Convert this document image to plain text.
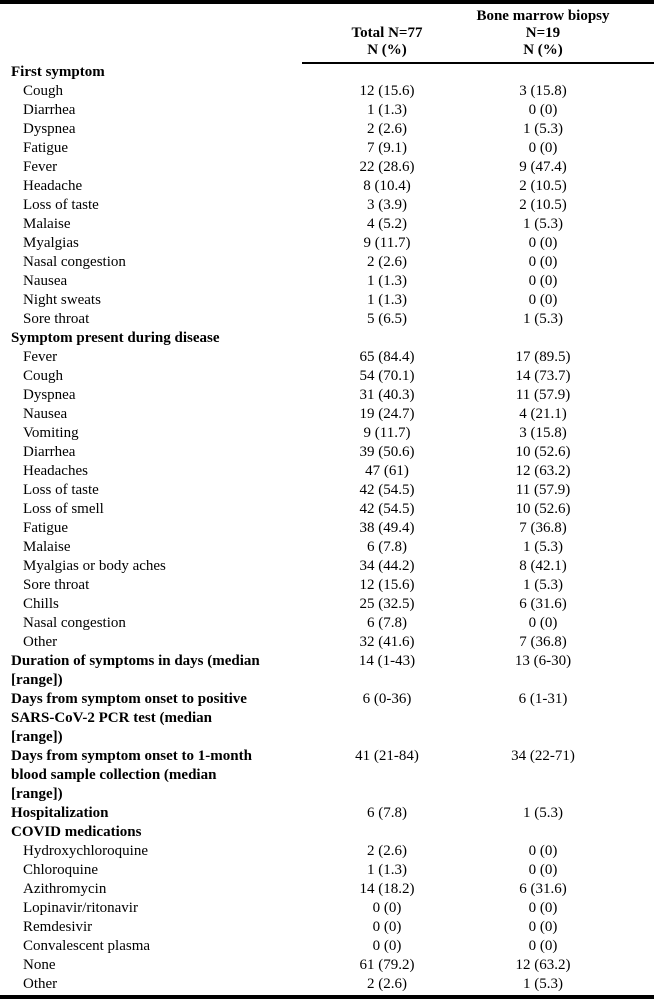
Total N=77
N (%)

Bone marrow biopsy
N=19
N (%)

First symptom		
Cough	12 (15.6)	3 (15.8)
Diarrhea	1 (1.3)	0 (0)
Dyspnea	2 (2.6)	1 (5.3)
Fatigue	7 (9.1)	0 (0)
Fever	22 (28.6)	9 (47.4)
Headache	8 (10.4)	2 (10.5)
Loss of taste	3 (3.9)	2 (10.5)
Malaise	4 (5.2)	1 (5.3)
Myalgias	9 (11.7)	0 (0)
Nasal congestion	2 (2.6)	0 (0)
Nausea	1 (1.3)	0 (0)
Night sweats	1 (1.3)	0 (0)
Sore throat	5 (6.5)	1 (5.3)
Symptom present during disease		
Fever	65 (84.4)	17 (89.5)
Cough	54 (70.1)	14 (73.7)
Dyspnea	31 (40.3)	11 (57.9)
Nausea	19 (24.7)	4 (21.1)
Vomiting	9 (11.7)	3 (15.8)
Diarrhea	39 (50.6)	10 (52.6)
Headaches	47 (61)	12 (63.2)
Loss of taste	42 (54.5)	11 (57.9)
Loss of smell	42 (54.5)	10 (52.6)
Fatigue	38 (49.4)	7 (36.8)
Malaise	6 (7.8)	1 (5.3)
Myalgias or body aches	34 (44.2)	8 (42.1)
Sore throat	12 (15.6)	1 (5.3)
Chills	25 (32.5)	6 (31.6)
Nasal congestion	6 (7.8)	0 (0)
Other	32 (41.6)	7 (36.8)
Duration of symptoms in days (median [range])	14 (1-43)	13 (6-30)
Days from symptom onset to positive SARS-CoV-2 PCR test (median [range])	6 (0-36)	6 (1-31)
Days from symptom onset to 1-month blood sample collection (median [range])	41 (21-84)	34 (22-71)
Hospitalization	6 (7.8)	1 (5.3)
COVID medications		
Hydroxychloroquine	2 (2.6)	0 (0)
Chloroquine	1 (1.3)	0 (0)
Azithromycin	14 (18.2)	6 (31.6)
Lopinavir/ritonavir	0 (0)	0 (0)
Remdesivir	0 (0)	0 (0)
Convalescent plasma	0 (0)	0 (0)
None	61 (79.2)	12 (63.2)
Other	2 (2.6)	1 (5.3)
